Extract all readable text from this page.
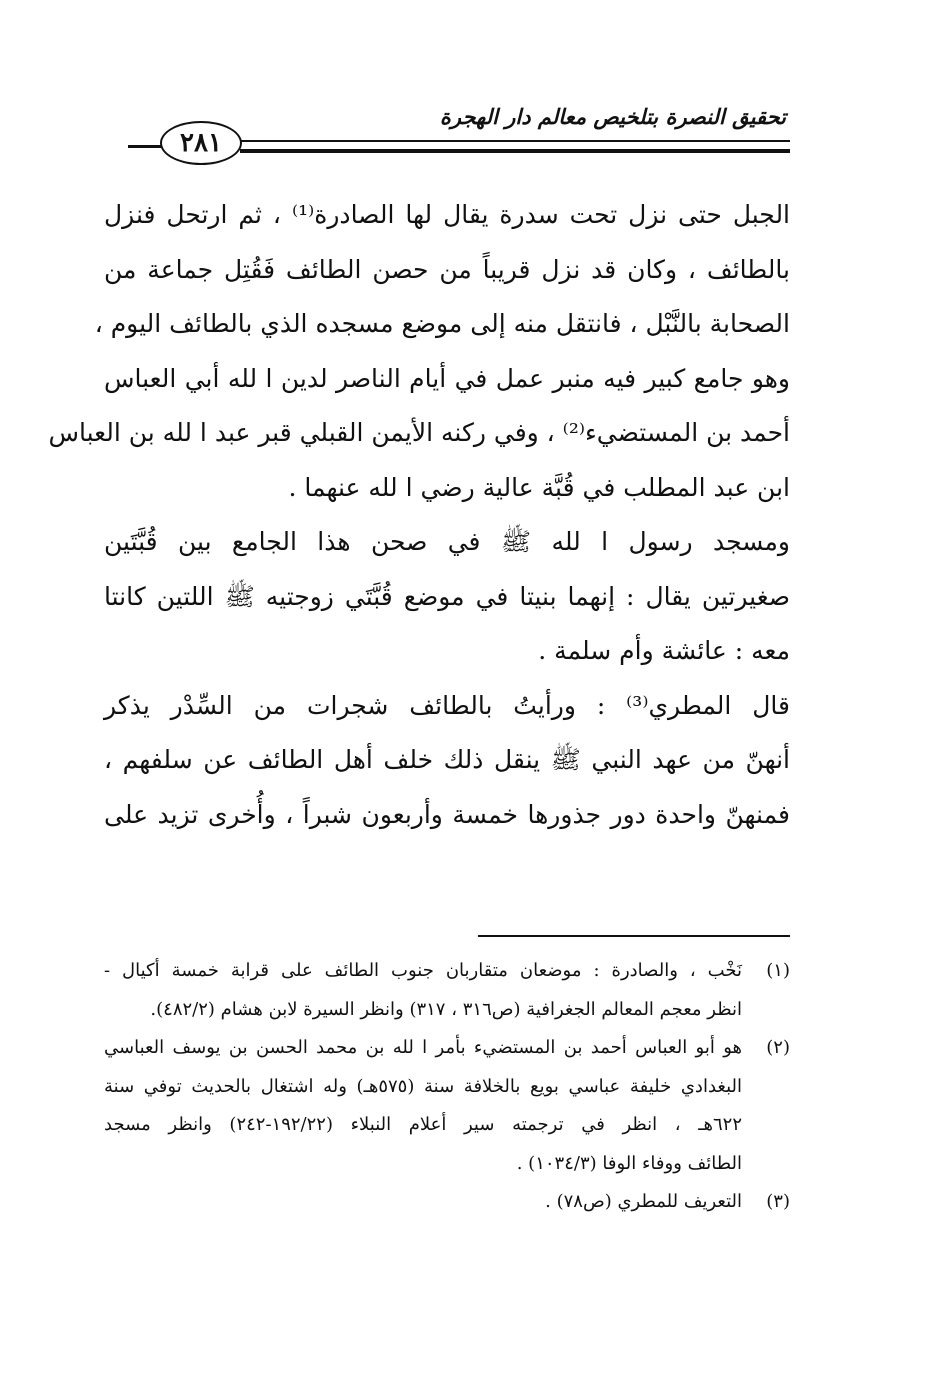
تحقيق النصرة بتلخيص معالم دار الهجرة
٢٨١
الجبل حتى نزل تحت سدرة يقال لها الصادرة⁽¹⁾ ، ثم ارتحل فنزل
بالطائف ، وكان قد نزل قريباً من حصن الطائف فَقُتِل جماعة من
الصحابة بالنَّبْل ، فانتقل منه إلى موضع مسجده الذي بالطائف اليوم ،
وهو جامع كبير فيه منبر عمل في أيام الناصر لدين ا لله أبي العباس
أحمد بن المستضيء⁽²⁾ ، وفي ركنه الأيمن القبلي قبر عبد ا لله بن العباس
ابن عبد المطلب في قُبَّة عالية رضي ا لله عنهما .
ومسجد رسول ا لله ﷺ في صحن هذا الجامع بين قُبَّتَين
صغيرتين يقال : إنهما بنيتا في موضع قُبَّتَي زوجتيه ﷺ اللتين كانتا
معه : عائشة وأم سلمة .
قال المطري⁽³⁾ : ورأيتُ بالطائف شجرات من السِّدْر يذكر
أنهنّ من عهد النبي ﷺ ينقل ذلك خلف أهل الطائف عن سلفهم ،
فمنهنّ واحدة دور جذورها خمسة وأربعون شبراً ، وأُخرى تزيد على
(١)نَخْب ، والصادرة : موضعان متقاربان جنوب الطائف على قرابة خمسة أكيال -
انظر معجم المعالم الجغرافية (ص٣١٦ ، ٣١٧) وانظر السيرة لابن هشام (٤٨٢/٢).
(٢)هو أبو العباس أحمد بن المستضيء بأمر ا لله بن محمد الحسن بن يوسف العباسي
البغدادي خليفة عباسي بويع بالخلافة سنة (٥٧٥هـ) وله اشتغال بالحديث توفي سنة
٦٢٢هـ ، انظر في ترجمته سير أعلام النبلاء (١٩٢/٢٢-٢٤٢) وانظر مسجد
الطائف ووفاء الوفا (١٠٣٤/٣) .
(٣)التعريف للمطري (ص٧٨) .
